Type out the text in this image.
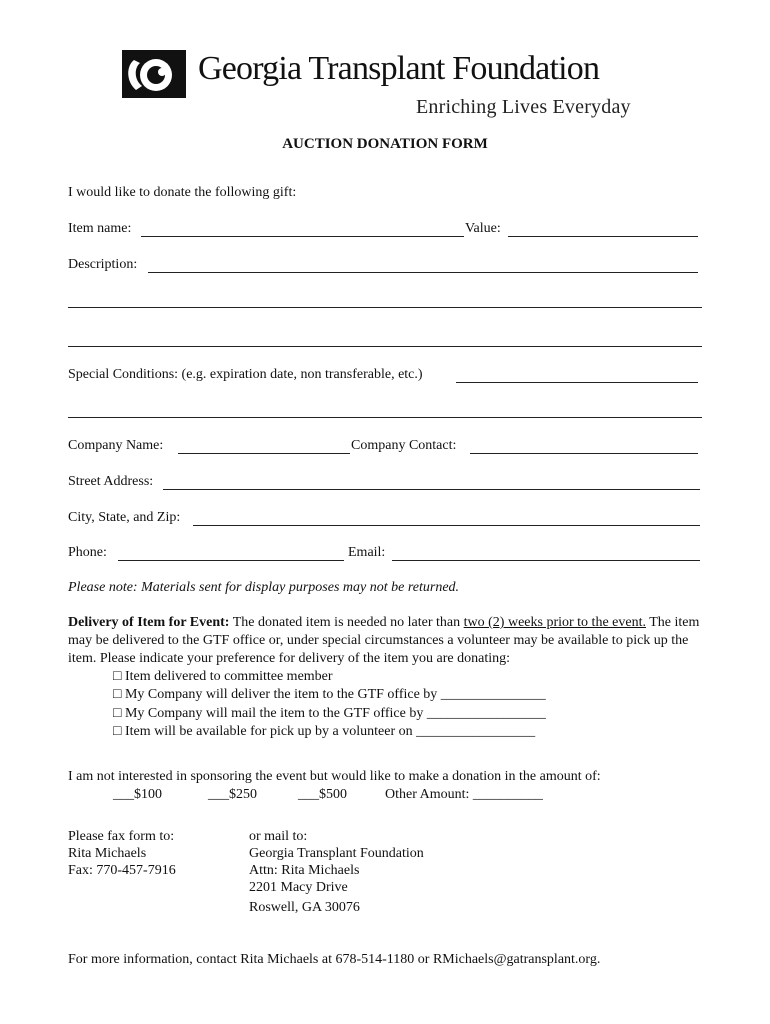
Georgia Transplant Foundation
Enriching Lives Everyday
AUCTION DONATION FORM
I would like to donate the following gift:
Item name:	Value:
Description:
Special Conditions: (e.g. expiration date, non transferable, etc.)
Company Name:	Company Contact:
Street Address:
City, State, and Zip:
Phone:	Email:
Please note: Materials sent for display purposes may not be returned.
Delivery of Item for Event: The donated item is needed no later than two (2) weeks prior to the event. The item may be delivered to the GTF office or, under special circumstances a volunteer may be available to pick up the item. Please indicate your preference for delivery of the item you are donating:
□ Item delivered to committee member
□ My Company will deliver the item to the GTF office by _______________
□ My Company will mail the item to the GTF office by _________________
□ Item will be available for pick up by a volunteer on _________________
I am not interested in sponsoring the event but would like to make a donation in the amount of:
___$100	___$250	___$500	Other Amount: __________
Please fax form to:
Rita Michaels
Fax: 770-457-7916
or mail to:
Georgia Transplant Foundation
Attn: Rita Michaels
2201 Macy Drive
Roswell, GA 30076
For more information, contact Rita Michaels at 678-514-1180 or RMichaels@gatransplant.org.
